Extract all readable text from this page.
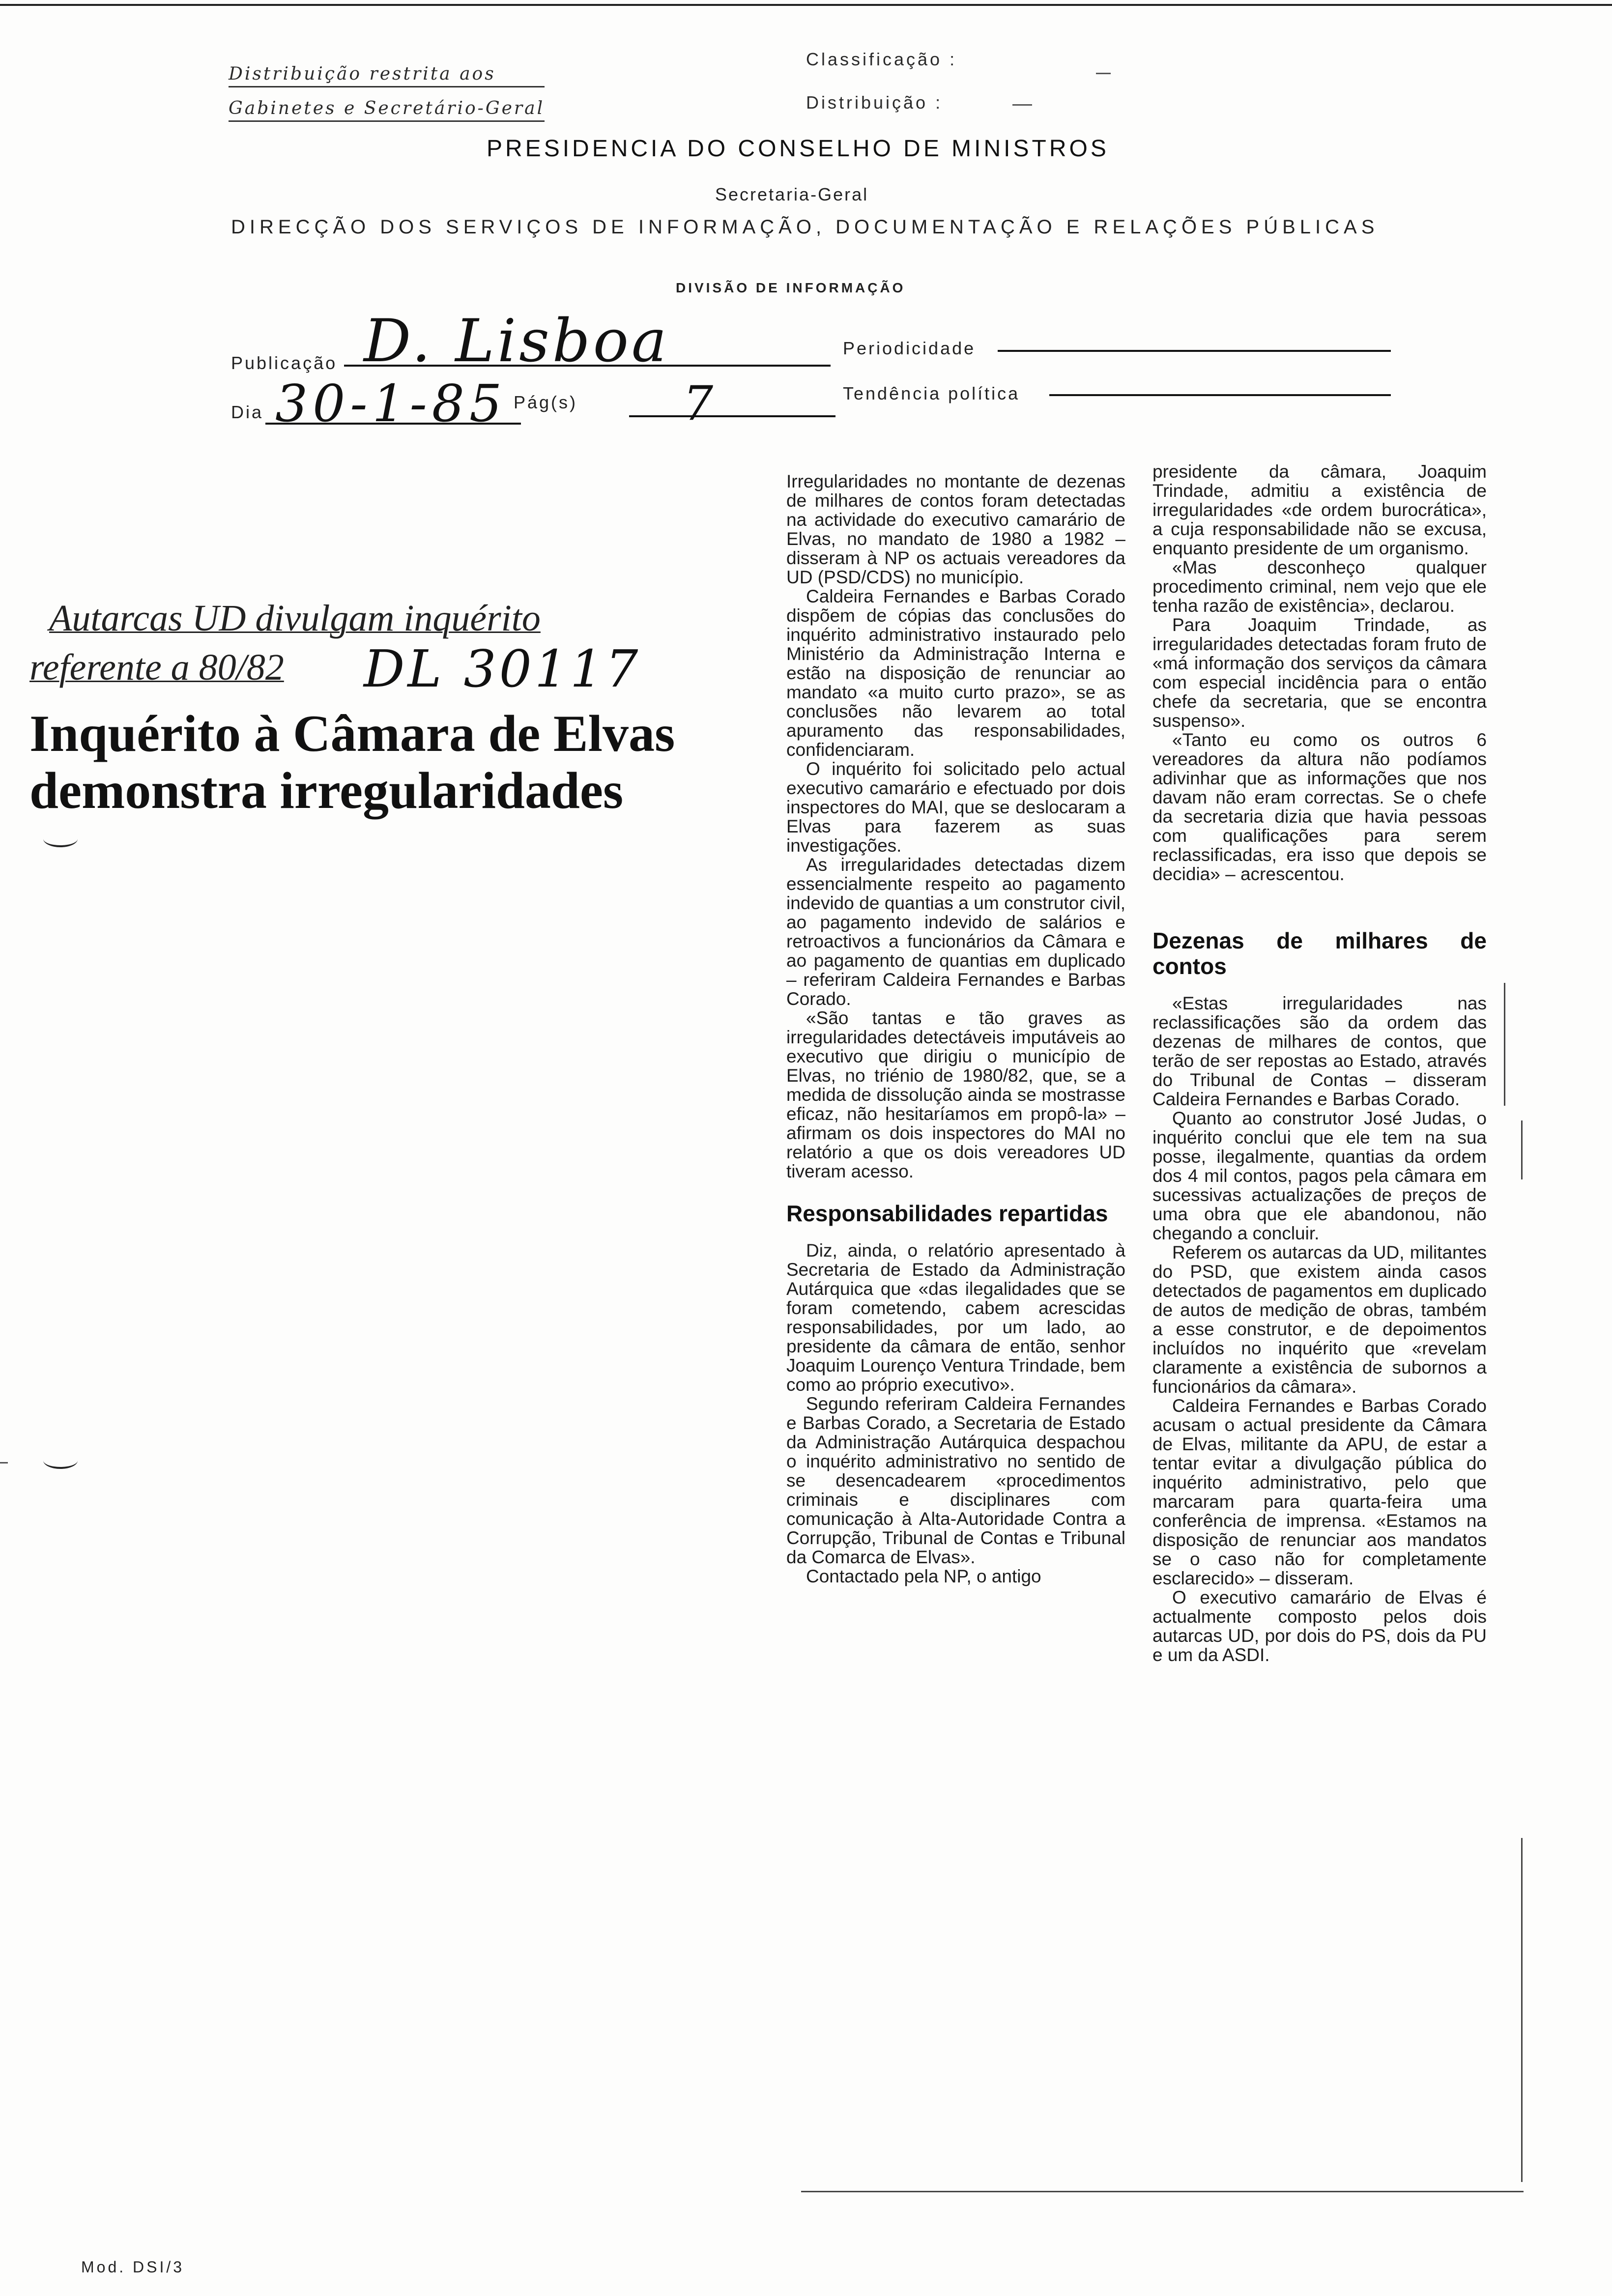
Distribuição restrita aos
Gabinetes e Secretário-Geral
Classificação :
Distribuição :
PRESIDENCIA DO CONSELHO DE MINISTROS
Secretaria-Geral
DIRECÇÃO DOS SERVIÇOS DE INFORMAÇÃO, DOCUMENTAÇÃO E RELAÇÕES PÚBLICAS
DIVISÃO DE INFORMAÇÃO
Publicação D. Lisboa	Periodicidade
Dia 30-1-85 Pág(s) 7	Tendência política
Autarcas UD divulgam inquérito
referente a 80/82 DL 30117
Inquérito à Câmara de Elvas
demonstra irregularidades

Irregularidades no montante de dezenas de milhares de contos foram detectadas na actividade do executivo camarário de Elvas, no mandato de 1980 a 1982 – disseram à NP os actuais vereadores da UD (PSD/CDS) no município.

Caldeira Fernandes e Barbas Corado dispõem de cópias das conclusões do inquérito administrativo instaurado pelo Ministério da Administração Interna e estão na disposição de renunciar ao mandato «a muito curto prazo», se as conclusões não levarem ao total apuramento das responsabilidades, confidenciaram.

O inquérito foi solicitado pelo actual executivo camarário e efectuado por dois inspectores do MAI, que se deslocaram a Elvas para fazerem as suas investigações.

As irregularidades detectadas dizem essencialmente respeito ao pagamento indevido de quantias a um construtor civil, ao pagamento indevido de salários e retroactivos a funcionários da Câmara e ao pagamento de quantias em duplicado – referiram Caldeira Fernandes e Barbas Corado.

«São tantas e tão graves as irregularidades detectáveis imputáveis ao executivo que dirigiu o município de Elvas, no triénio de 1980/82, que, se a medida de dissolução ainda se mostrasse eficaz, não hesitaríamos em propô-la» – afirmam os dois inspectores do MAI no relatório a que os dois vereadores UD tiveram acesso.

Responsabilidades repartidas

Diz, ainda, o relatório apresentado à Secretaria de Estado da Administração Autárquica que «das ilegalidades que se foram cometendo, cabem acrescidas responsabilidades, por um lado, ao presidente da câmara de então, senhor Joaquim Lourenço Ventura Trindade, bem como ao próprio executivo».

Segundo referiram Caldeira Fernandes e Barbas Corado, a Secretaria de Estado da Administração Autárquica despachou o inquérito administrativo no sentido de se desencadearem «procedimentos criminais e disciplinares com comunicação à Alta-Autoridade Contra a Corrupção, Tribunal de Contas e Tribunal da Comarca de Elvas».

Contactado pela NP, o antigo

presidente da câmara, Joaquim Trindade, admitiu a existência de irregularidades «de ordem burocrática», a cuja responsabilidade não se excusa, enquanto presidente de um organismo.

«Mas desconheço qualquer procedimento criminal, nem vejo que ele tenha razão de existência», declarou.

Para Joaquim Trindade, as irregularidades detectadas foram fruto de «má informação dos serviços da câmara com especial incidência para o então chefe da secretaria, que se encontra suspenso».

«Tanto eu como os outros 6 vereadores da altura não podíamos adivinhar que as informações que nos davam não eram correctas. Se o chefe da secretaria dizia que havia pessoas com qualificações para serem reclassificadas, era isso que depois se decidia» – acrescentou.

Dezenas de milhares de contos

«Estas irregularidades nas reclassificações são da ordem das dezenas de milhares de contos, que terão de ser repostas ao Estado, através do Tribunal de Contas – disseram Caldeira Fernandes e Barbas Corado.

Quanto ao construtor José Judas, o inquérito conclui que ele tem na sua posse, ilegalmente, quantias da ordem dos 4 mil contos, pagos pela câmara em sucessivas actualizações de preços de uma obra que ele abandonou, não chegando a concluir.

Referem os autarcas da UD, militantes do PSD, que existem ainda casos detectados de pagamentos em duplicado de autos de medição de obras, também a esse construtor, e de depoimentos incluídos no inquérito que «revelam claramente a existência de subornos a funcionários da câmara».

Caldeira Fernandes e Barbas Corado acusam o actual presidente da Câmara de Elvas, militante da APU, de estar a tentar evitar a divulgação pública do inquérito administrativo, pelo que marcaram para quarta-feira uma conferência de imprensa. «Estamos na disposição de renunciar aos mandatos se o caso não for completamente esclarecido» – disseram.

O executivo camarário de Elvas é actualmente composto pelos dois autarcas UD, por dois do PS, dois da PU e um da ASDI.

Mod. DSI/3
